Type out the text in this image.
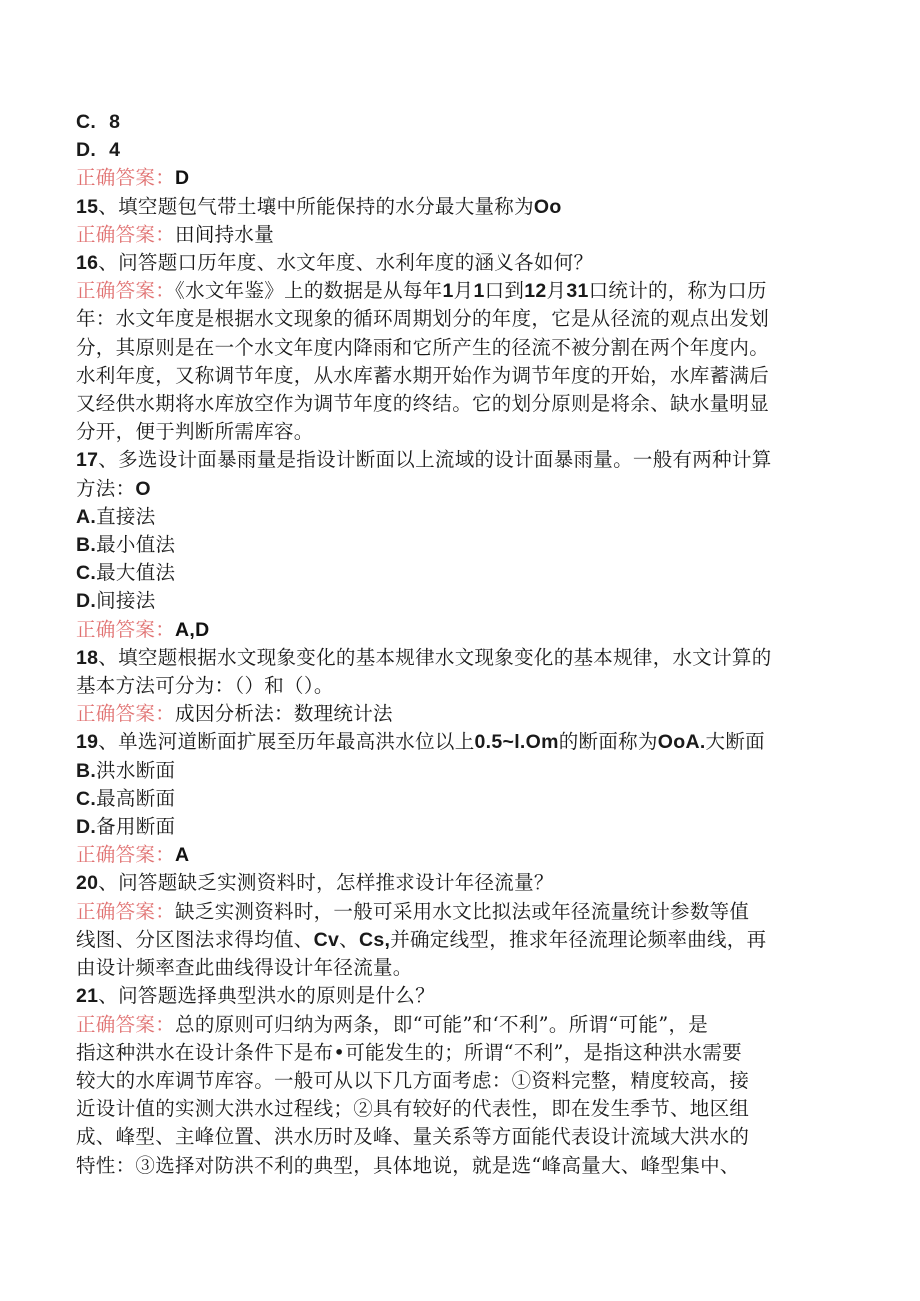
C. 8
D. 4
正确答案：D
15、填空题包气带土壤中所能保持的水分最大量称为Oo
正确答案：田间持水量
16、问答题口历年度、水文年度、水利年度的涵义各如何？
正确答案：《水文年鉴》上的数据是从每年1月1口到12月31口统计的，称为口历
年：水文年度是根据水文现象的循环周期划分的年度，它是从径流的观点出发划
分，其原则是在一个水文年度内降雨和它所产生的径流不被分割在两个年度内。
水利年度，又称调节年度，从水库蓄水期开始作为调节年度的开始，水库蓄满后
又经供水期将水库放空作为调节年度的终结。它的划分原则是将余、缺水量明显
分开，便于判断所需库容。
17、多选设计面暴雨量是指设计断面以上流域的设计面暴雨量。一般有两种计算
方法：O
A.直接法
B.最小值法
C.最大值法
D.间接法
正确答案：A,D
18、填空题根据水文现象变化的基本规律水文现象变化的基本规律，水文计算的
基本方法可分为：（）和（）。
正确答案：成因分析法：数理统计法
19、单选河道断面扩展至历年最高洪水位以上0.5~l.Om的断面称为OoA.大断面
B.洪水断面
C.最高断面
D.备用断面
正确答案：A
20、问答题缺乏实测资料时，怎样推求设计年径流量？
正确答案：缺乏实测资料时，一般可采用水文比拟法或年径流量统计参数等值
线图、分区图法求得均值、Cv、Cs,并确定线型，推求年径流理论频率曲线，再
由设计频率查此曲线得设计年径流量。
21、问答题选择典型洪水的原则是什么？
正确答案：总的原则可归纳为两条，即“可能”和‘不利”。所谓“可能”，是
指这种洪水在设计条件下是布•可能发生的；所谓“不利”，是指这种洪水需要
较大的水库调节库容。一般可从以下几方面考虑：①资料完整，精度较高，接
近设计值的实测大洪水过程线；②具有较好的代表性，即在发生季节、地区组
成、峰型、主峰位置、洪水历时及峰、量关系等方面能代表设计流域大洪水的
特性：③选择对防洪不利的典型，具体地说，就是选“峰高量大、峰型集中、
